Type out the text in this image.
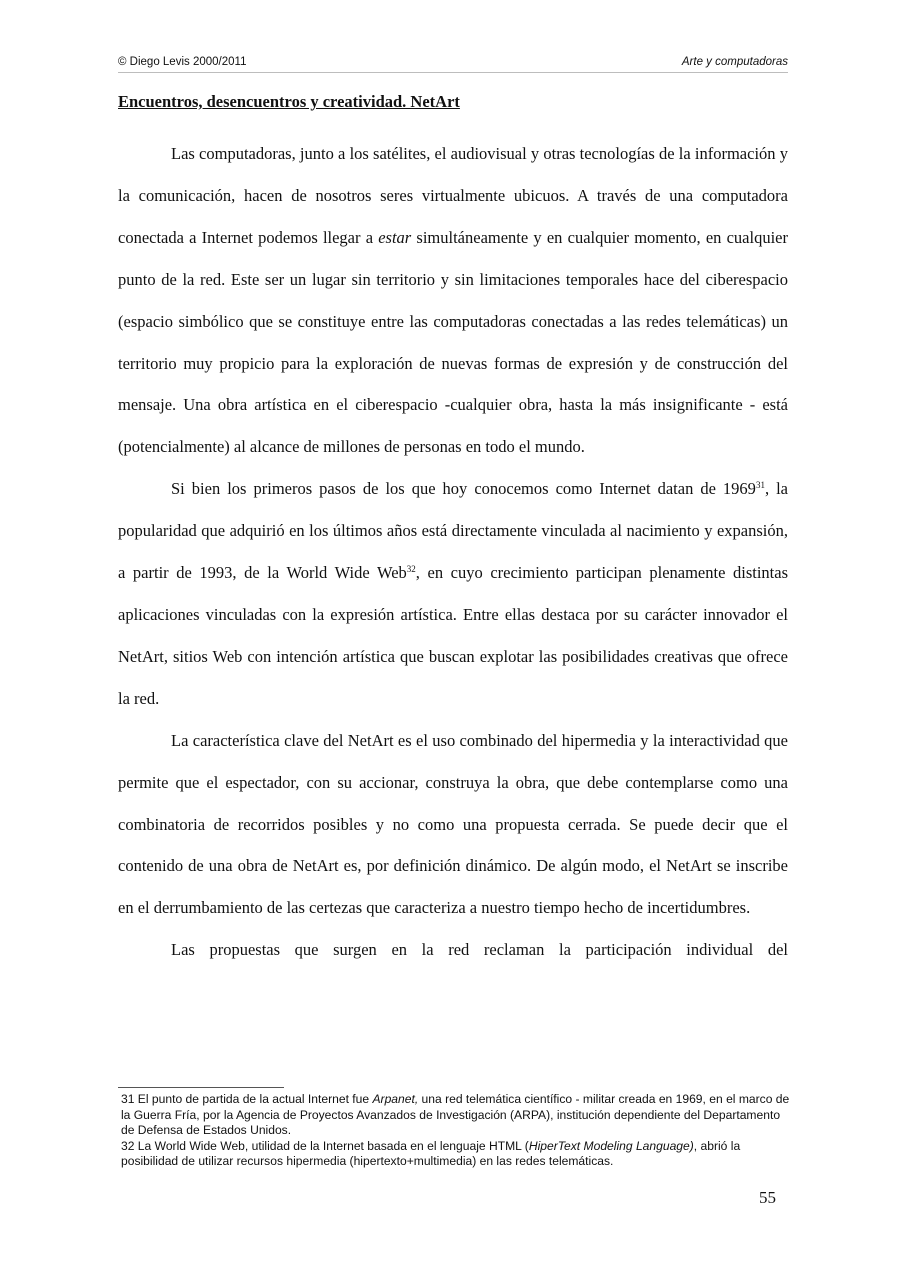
© Diego Levis 2000/2011	Arte y computadoras
Encuentros, desencuentros y creatividad. NetArt

Las computadoras, junto a los satélites, el audiovisual y otras tecnologías de la información y la comunicación, hacen de nosotros seres virtualmente ubicuos. A través de una computadora conectada a Internet podemos llegar a estar simultáneamente y en cualquier momento, en cualquier punto de la red. Este ser un lugar sin territorio y sin limitaciones temporales hace del ciberespacio (espacio simbólico que se constituye entre las computadoras conectadas a las redes telemáticas) un territorio muy propicio para la exploración de nuevas formas de expresión y de construcción del mensaje. Una obra artística en el ciberespacio -cualquier obra, hasta la más insignificante - está (potencialmente) al alcance de millones de personas en todo el mundo.

Si bien los primeros pasos de los que hoy conocemos como Internet datan de 1969$^{31}$, la popularidad que adquirió en los últimos años está directamente vinculada al nacimiento y expansión, a partir de 1993, de la World Wide Web$^{32}$, en cuyo crecimiento participan plenamente distintas aplicaciones vinculadas con la expresión artística. Entre ellas destaca por su carácter innovador el NetArt, sitios Web con intención artística que buscan explotar las posibilidades creativas que ofrece la red.

La característica clave del NetArt es el uso combinado del hipermedia y la interactividad que permite que el espectador, con su accionar, construya la obra, que debe contemplarse como una combinatoria de recorridos posibles y no como una propuesta cerrada. Se puede decir que el contenido de una obra de NetArt es, por definición dinámico. De algún modo, el NetArt se inscribe en el derrumbamiento de las certezas que caracteriza a nuestro tiempo hecho de incertidumbres.

Las propuestas que surgen en la red reclaman la participación individual del

31 El punto de partida de la actual Internet fue Arpanet, una red telemática científico - militar creada en 1969, en el marco de la Guerra Fría, por la Agencia de Proyectos Avanzados de Investigación (ARPA), institución dependiente del Departamento de Defensa de Estados Unidos.
32 La World Wide Web, utilidad de la Internet basada en el lenguaje HTML (HiperText Modeling Language), abrió la posibilidad de utilizar recursos hipermedia (hipertexto+multimedia) en las redes telemáticas.
55
